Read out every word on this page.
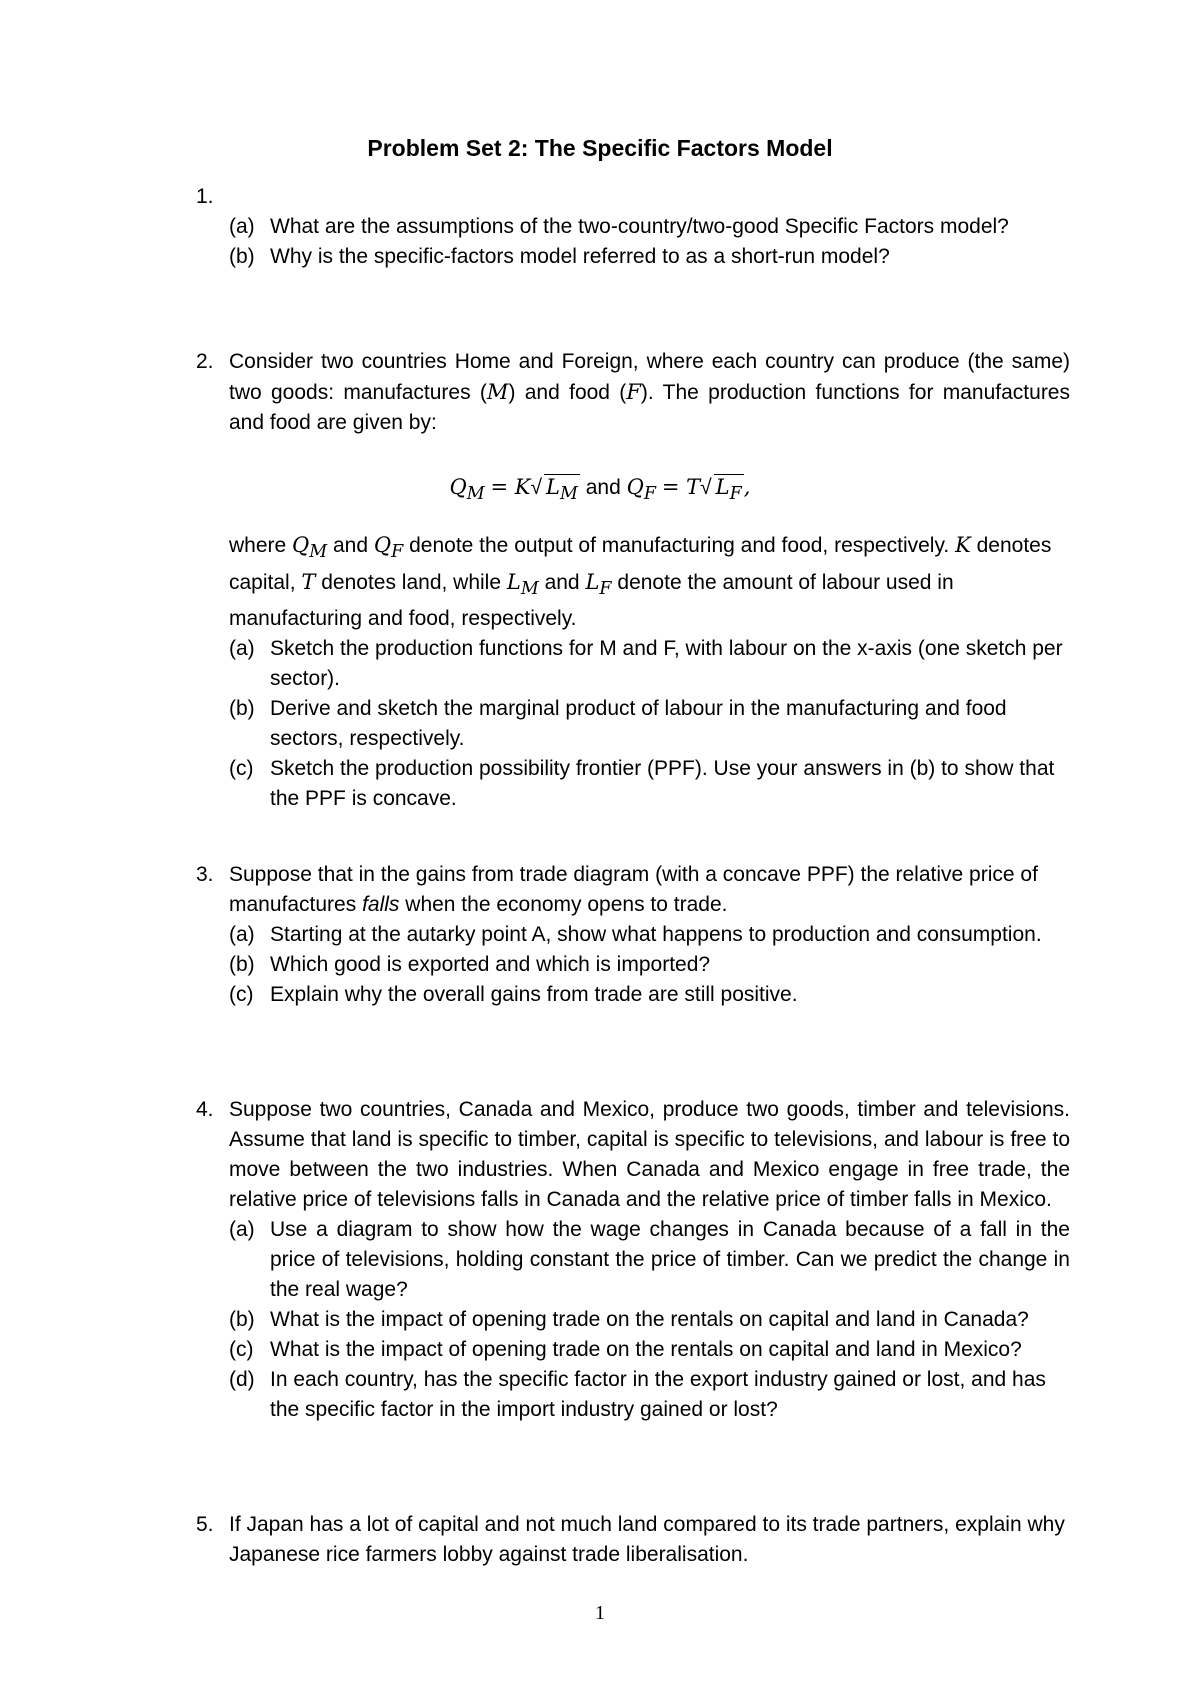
Problem Set 2: The Specific Factors Model
1.
(a) What are the assumptions of the two-country/two-good Specific Factors model?
(b) Why is the specific-factors model referred to as a short-run model?
2. Consider two countries Home and Foreign, where each country can produce (the same) two goods: manufactures (M) and food (F). The production functions for manufactures and food are given by:
$Q_M = K√$ $L_M$ and $Q_F = T√$ $L_F$,
where $Q_M$ and $Q_F$ denote the output of manufacturing and food, respectively. K denotes capital, T denotes land, while $L_M$ and $L_F$ denote the amount of labour used in manufacturing and food, respectively.
(a) Sketch the production functions for M and F, with labour on the x-axis (one sketch per sector).
(b) Derive and sketch the marginal product of labour in the manufacturing and food sectors, respectively.
(c) Sketch the production possibility frontier (PPF). Use your answers in (b) to show that the PPF is concave.
3. Suppose that in the gains from trade diagram (with a concave PPF) the relative price of manufactures falls when the economy opens to trade.
(a) Starting at the autarky point A, show what happens to production and consumption.
(b) Which good is exported and which is imported?
(c) Explain why the overall gains from trade are still positive.
4. Suppose two countries, Canada and Mexico, produce two goods, timber and televisions. Assume that land is specific to timber, capital is specific to televisions, and labour is free to move between the two industries. When Canada and Mexico engage in free trade, the relative price of televisions falls in Canada and the relative price of timber falls in Mexico.
(a) Use a diagram to show how the wage changes in Canada because of a fall in the price of televisions, holding constant the price of timber. Can we predict the change in the real wage?
(b) What is the impact of opening trade on the rentals on capital and land in Canada?
(c) What is the impact of opening trade on the rentals on capital and land in Mexico?
(d) In each country, has the specific factor in the export industry gained or lost, and has the specific factor in the import industry gained or lost?
5. If Japan has a lot of capital and not much land compared to its trade partners, explain why Japanese rice farmers lobby against trade liberalisation.
1
